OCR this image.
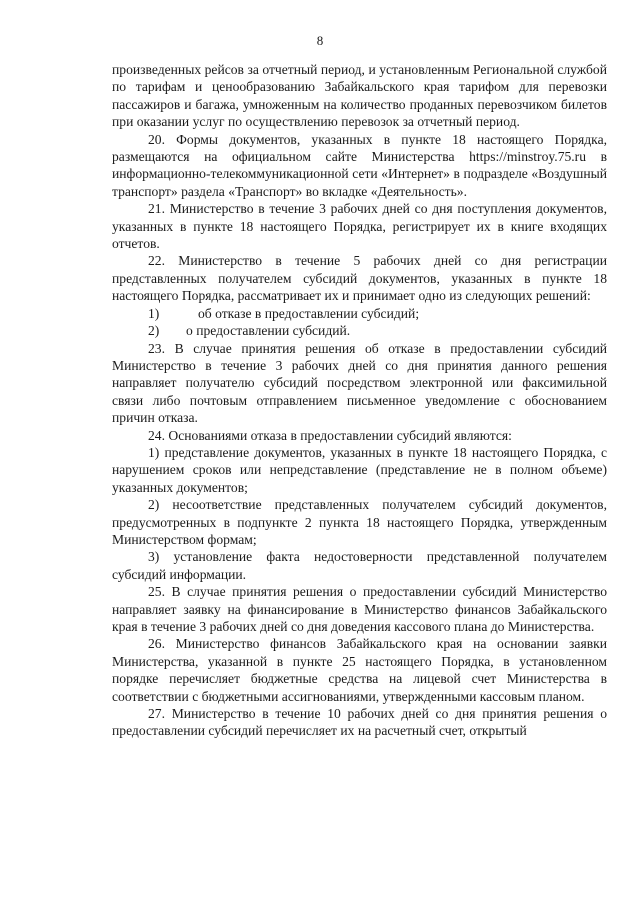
8

произведенных рейсов за отчетный период, и установленным Региональной службой по тарифам и ценообразованию Забайкальского края тарифом для перевозки пассажиров и багажа, умноженным на количество проданных перевозчиком билетов при оказании услуг по осуществлению перевозок за отчетный период.

20. Формы документов, указанных в пункте 18 настоящего Порядка, размещаются на официальном сайте Министерства https://minstroy.75.ru в информационно-телекоммуникационной сети «Интернет» в подразделе «Воздушный транспорт» раздела «Транспорт» во вкладке «Деятельность».

21. Министерство в течение 3 рабочих дней со дня поступления документов, указанных в пункте 18 настоящего Порядка, регистрирует их в книге входящих отчетов.

22. Министерство в течение 5 рабочих дней со дня регистрации представленных получателем субсидий документов, указанных в пункте 18 настоящего Порядка, рассматривает их и принимает одно из следующих решений:

1)	об отказе в предоставлении субсидий;
2)	о предоставлении субсидий.

23. В случае принятия решения об отказе в предоставлении субсидий Министерство в течение 3 рабочих дней со дня принятия данного решения направляет получателю субсидий посредством электронной или факсимильной связи либо почтовым отправлением письменное уведомление с обоснованием причин отказа.

24. Основаниями отказа в предоставлении субсидий являются:

1) представление документов, указанных в пункте 18 настоящего Порядка, с нарушением сроков или непредставление (представление не в полном объеме) указанных документов;

2) несоответствие представленных получателем субсидий документов, предусмотренных в подпункте 2 пункта 18 настоящего Порядка, утвержденным Министерством формам;

3) установление факта недостоверности представленной получателем субсидий информации.

25. В случае принятия решения о предоставлении субсидий Министерство направляет заявку на финансирование в Министерство финансов Забайкальского края в течение 3 рабочих дней со дня доведения кассового плана до Министерства.

26. Министерство финансов Забайкальского края на основании заявки Министерства, указанной в пункте 25 настоящего Порядка, в установленном порядке перечисляет бюджетные средства на лицевой счет Министерства в соответствии с бюджетными ассигнованиями, утвержденными кассовым планом.

27. Министерство в течение 10 рабочих дней со дня принятия решения о предоставлении субсидий перечисляет их на расчетный счет, открытый
